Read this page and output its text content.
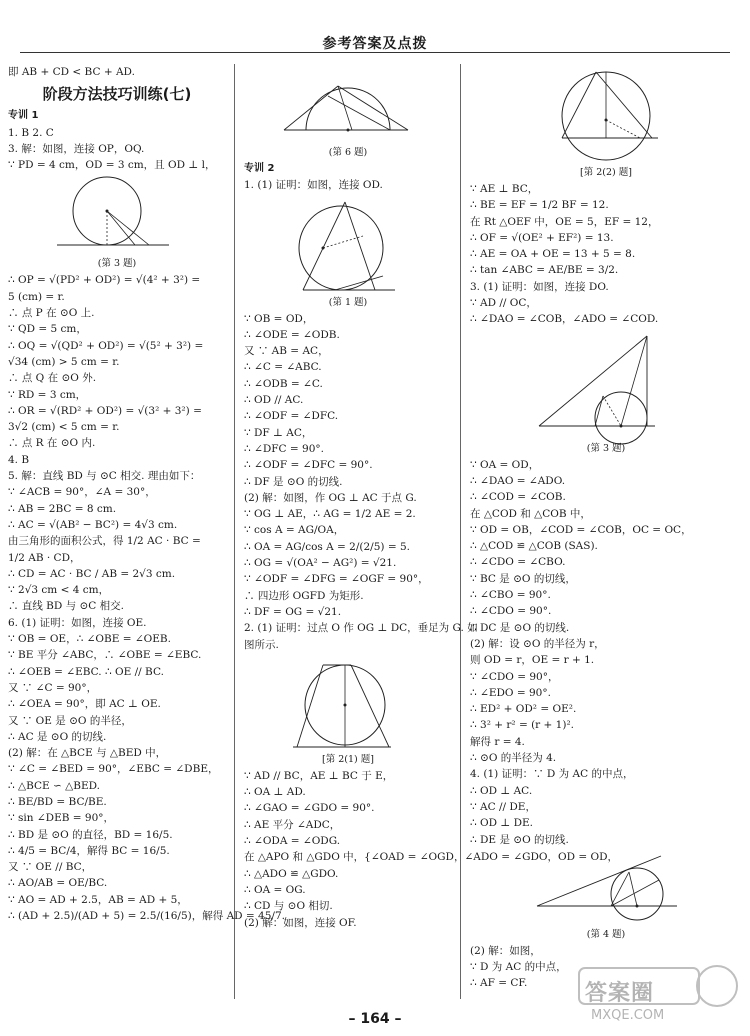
参考答案及点拨
即 AB + CD < BC + AD.
阶段方法技巧训练(七)
专训 1
1. B 2. C
3. 解：如图，连接 OP，OQ.
∵ PD = 4 cm，OD = 3 cm，且 OD ⊥ l，
(第 3 题)
∴ OP = √(PD² + OD²) = √(4² + 3²) =
5 (cm) = r.
∴ 点 P 在 ⊙O 上.
∵ QD = 5 cm，
∴ OQ = √(QD² + OD²) = √(5² + 3²) =
√34 (cm) > 5 cm = r.
∴ 点 Q 在 ⊙O 外.
∵ RD = 3 cm，
∴ OR = √(RD² + OD²) = √(3² + 3²) =
3√2 (cm) < 5 cm = r.
∴ 点 R 在 ⊙O 内.
4. B
5. 解：直线 BD 与 ⊙C 相交. 理由如下：
∵ ∠ACB = 90°，∠A = 30°，
∴ AB = 2BC = 8 cm.
∴ AC = √(AB² − BC²) = 4√3 cm.
由三角形的面积公式，得 1/2 AC · BC =
1/2 AB · CD，
∴ CD = AC · BC / AB = 2√3 cm.
∵ 2√3 cm < 4 cm，
∴ 直线 BD 与 ⊙C 相交.
6. (1) 证明：如图，连接 OE.
∵ OB = OE，∴ ∠OBE = ∠OEB.
∵ BE 平分 ∠ABC，∴ ∠OBE = ∠EBC.
∴ ∠OEB = ∠EBC. ∴ OE // BC.
又 ∵ ∠C = 90°，
∴ ∠OEA = 90°，即 AC ⊥ OE.
又 ∵ OE 是 ⊙O 的半径，
∴ AC 是 ⊙O 的切线.
(2) 解：在 △BCE 与 △BED 中，
∵ ∠C = ∠BED = 90°，∠EBC = ∠DBE，
∴ △BCE ∽ △BED.
∴ BE/BD = BC/BE.
∵ sin ∠DEB = 90°，
∴ BD 是 ⊙O 的直径，BD = 16/5.
∴ 4/5 = BC/4，解得 BC = 16/5.
又 ∵ OE // BC，
∴ AO/AB = OE/BC.
∵ AO = AD + 2.5，AB = AD + 5，
∴ (AD + 2.5)/(AD + 5) = 2.5/(16/5)，解得 AD = 45/7.
(第 6 题)
专训 2
1. (1) 证明：如图，连接 OD.
(第 1 题)
∵ OB = OD，
∴ ∠ODE = ∠ODB.
又 ∵ AB = AC，
∴ ∠C = ∠ABC.
∴ ∠ODB = ∠C.
∴ OD // AC.
∴ ∠ODF = ∠DFC.
∵ DF ⊥ AC，
∴ ∠DFC = 90°.
∴ ∠ODF = ∠DFC = 90°.
∴ DF 是 ⊙O 的切线.
(2) 解：如图，作 OG ⊥ AC 于点 G.
∵ OG ⊥ AE，∴ AG = 1/2 AE = 2.
∵ cos A = AG/OA，
∴ OA = AG/cos A = 2/(2/5) = 5.
∴ OG = √(OA² − AG²) = √21.
∵ ∠ODF = ∠DFG = ∠OGF = 90°，
∴ 四边形 OGFD 为矩形.
∴ DF = OG = √21.
2. (1) 证明：过点 O 作 OG ⊥ DC，垂足为 G. 如
图所示.
[第 2(1) 题]
∵ AD // BC，AE ⊥ BC 于 E，
∴ OA ⊥ AD.
∴ ∠GAO = ∠GDO = 90°.
∴ AE 平分 ∠ADC，
∴ ∠ODA = ∠ODG.
在 △APO 和 △GDO 中，{∠OAD = ∠OGD，∠ADO = ∠GDO，OD = OD，
∴ △ADO ≌ △GDO.
∴ OA = OG.
∴ CD 与 ⊙O 相切.
(2) 解：如图，连接 OF.
[第 2(2) 题]
∵ AE ⊥ BC，
∴ BE = EF = 1/2 BF = 12.
在 Rt △OEF 中，OE = 5，EF = 12，
∴ OF = √(OE² + EF²) = 13.
∴ AE = OA + OE = 13 + 5 = 8.
∴ tan ∠ABC = AE/BE = 3/2.
3. (1) 证明：如图，连接 DO.
∵ AD // OC，
∴ ∠DAO = ∠COB，∠ADO = ∠COD.
(第 3 题)
∵ OA = OD，
∴ ∠DAO = ∠ADO.
∴ ∠COD = ∠COB.
在 △COD 和 △COB 中，
∵ OD = OB，∠COD = ∠COB，OC = OC，
∴ △COD ≌ △COB (SAS).
∴ ∠CDO = ∠CBO.
∵ BC 是 ⊙O 的切线，
∴ ∠CBO = 90°.
∴ ∠CDO = 90°.
∴ DC 是 ⊙O 的切线.
(2) 解：设 ⊙O 的半径为 r，
则 OD = r，OE = r + 1.
∵ ∠CDO = 90°，
∴ ∠EDO = 90°.
∴ ED² + OD² = OE².
∴ 3² + r² = (r + 1)².
解得 r = 4.
∴ ⊙O 的半径为 4.
4. (1) 证明：∵ D 为 AC 的中点，
∴ OD ⊥ AC.
∵ AC // DE，
∴ OD ⊥ DE.
∴ DE 是 ⊙O 的切线.
(第 4 题)
(2) 解：如图，
∵ D 为 AC 的中点，
∴ AF = CF.
– 164 –
答案圈
MXQE.COM
